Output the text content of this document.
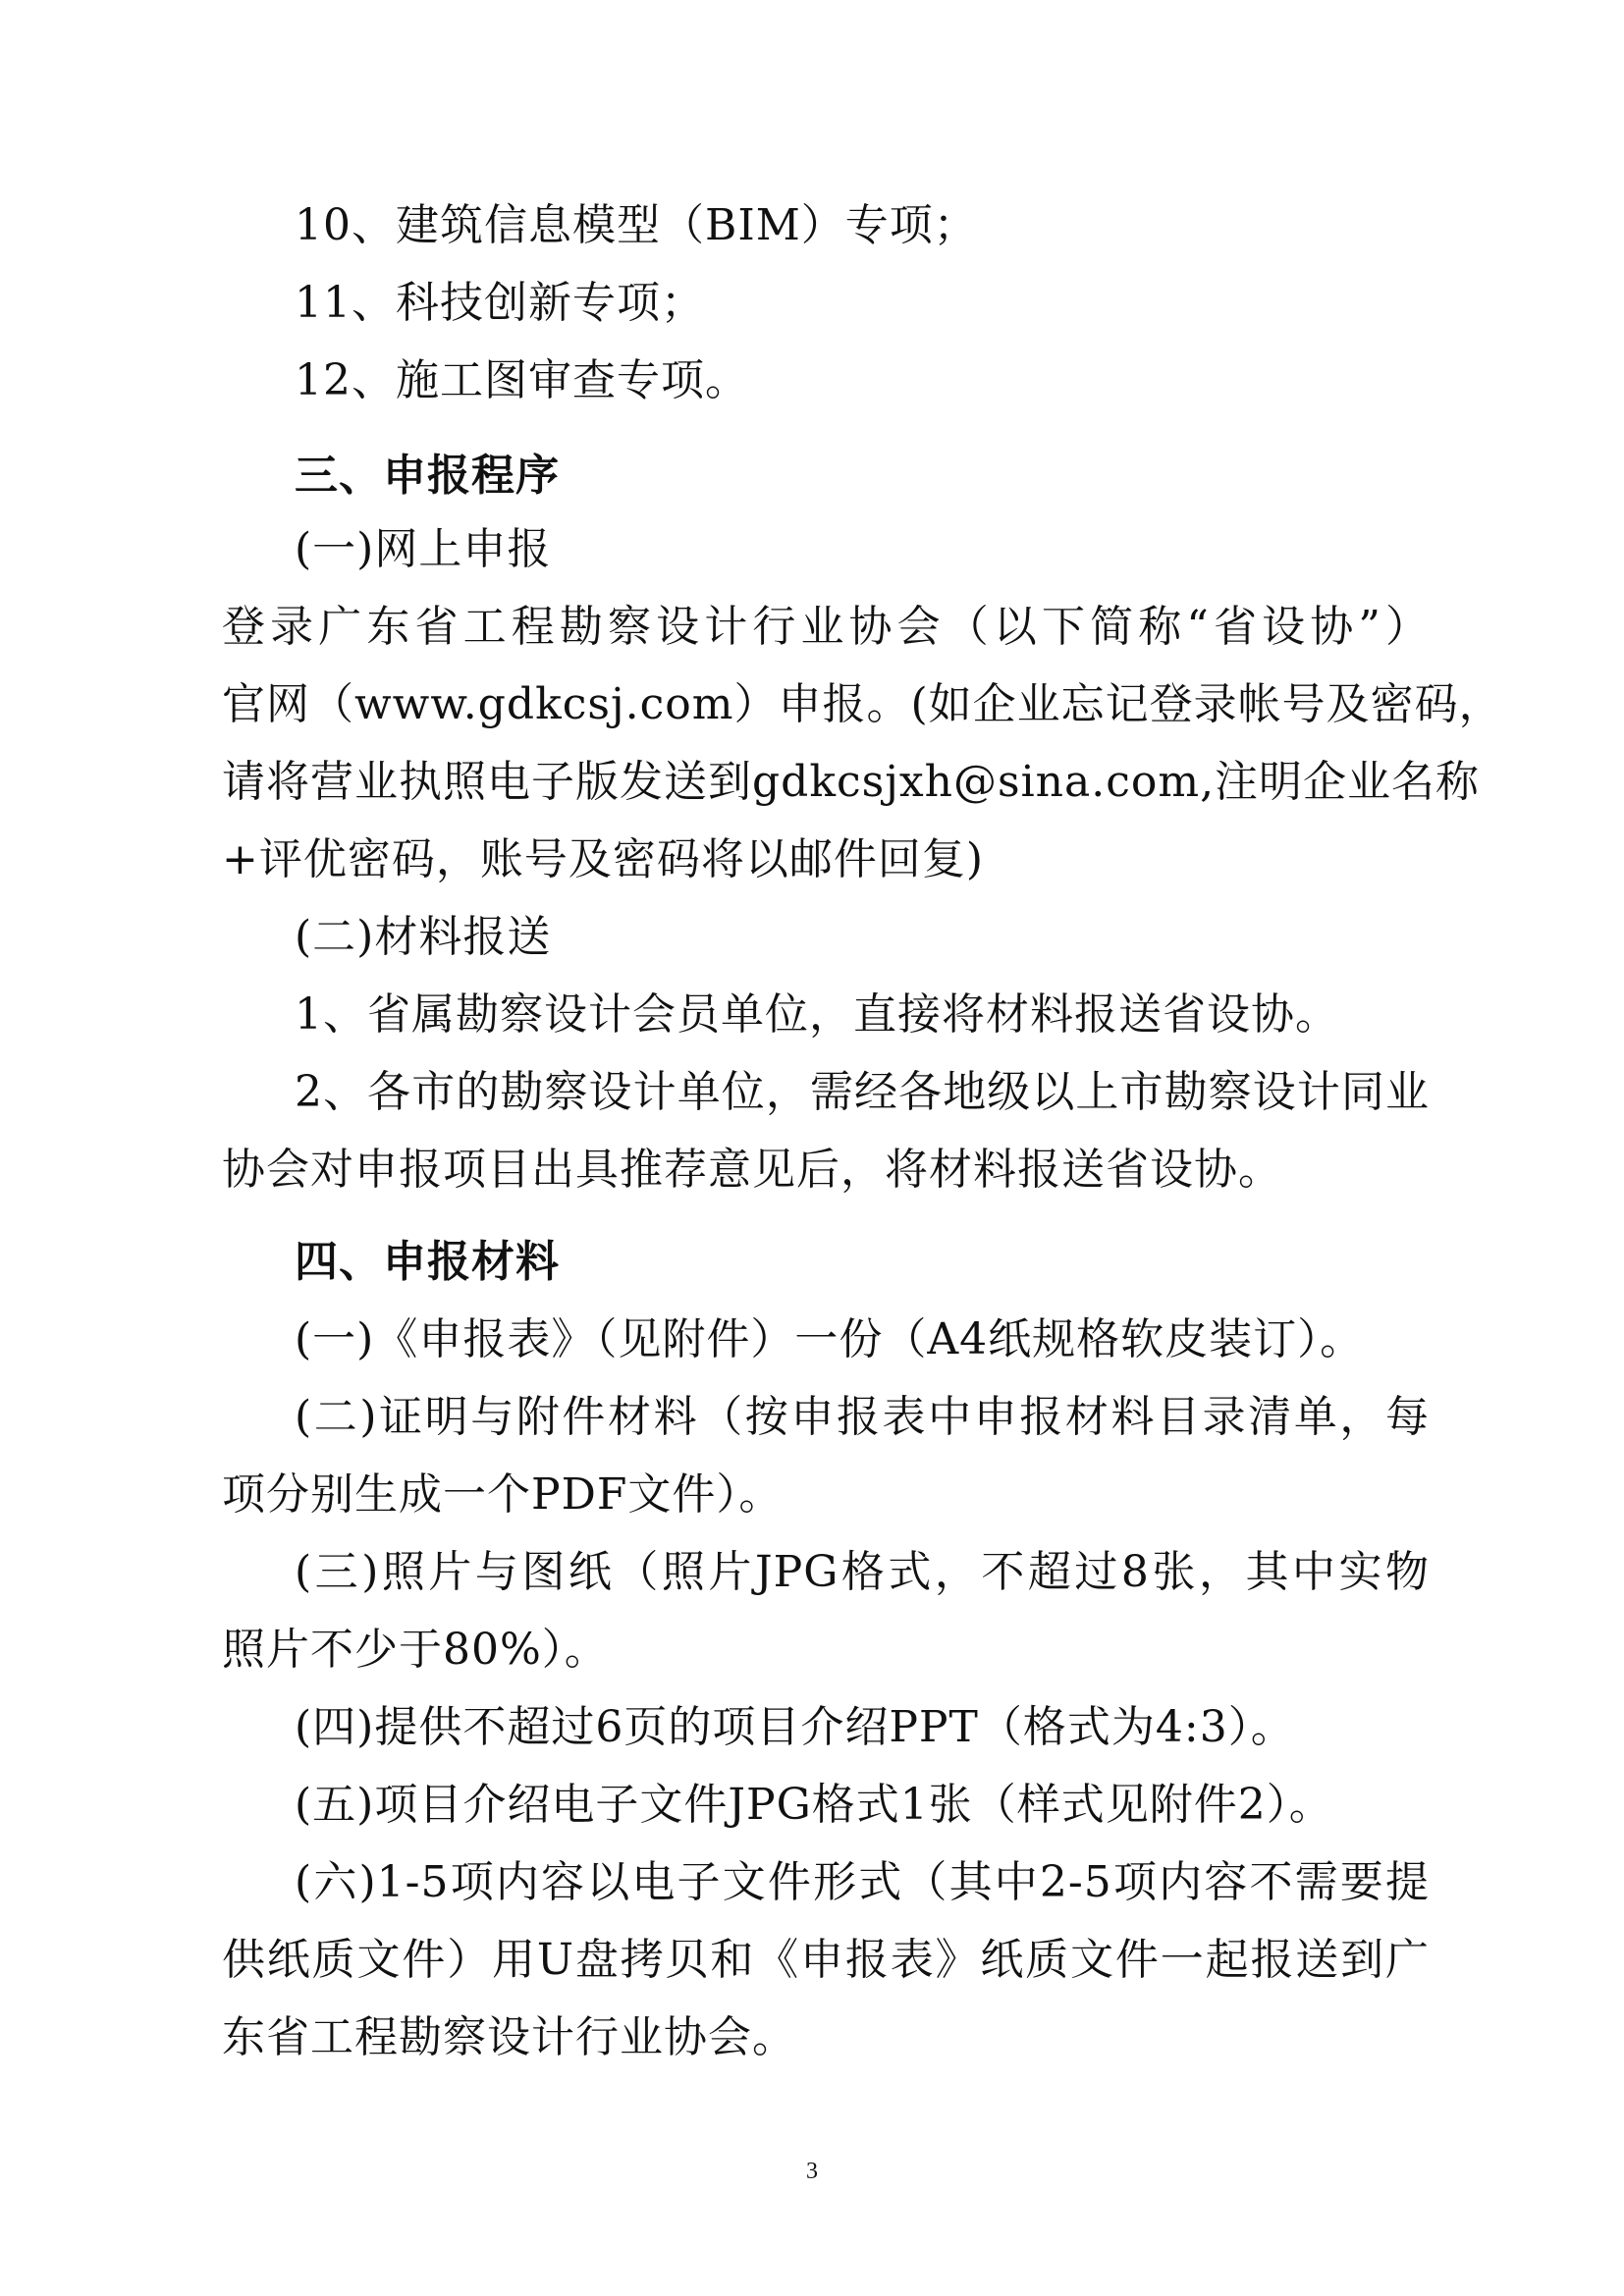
10、建筑信息模型（BIM）专项；
11、科技创新专项；
12、施工图审查专项。
三、申报程序
(一)网上申报
登录广东省工程勘察设计行业协会（以下简称“省设协”）
官网（www.gdkcsj.com）申报。(如企业忘记登录帐号及密码，
请将营业执照电子版发送到gdkcsjxh@sina.com,注明企业名称
+评优密码，账号及密码将以邮件回复)
(二)材料报送
1、省属勘察设计会员单位，直接将材料报送省设协。
2、各市的勘察设计单位，需经各地级以上市勘察设计同业
协会对申报项目出具推荐意见后，将材料报送省设协。
四、申报材料
(一)《申报表》（见附件）一份（A4纸规格软皮装订）。
(二)证明与附件材料（按申报表中申报材料目录清单，每
项分别生成一个PDF文件）。
(三)照片与图纸（照片JPG格式，不超过8张，其中实物
照片不少于80%）。
(四)提供不超过6页的项目介绍PPT（格式为4:3）。
(五)项目介绍电子文件JPG格式1张（样式见附件2）。
(六)1-5项内容以电子文件形式（其中2-5项内容不需要提
供纸质文件）用U盘拷贝和《申报表》纸质文件一起报送到广
东省工程勘察设计行业协会。
3
